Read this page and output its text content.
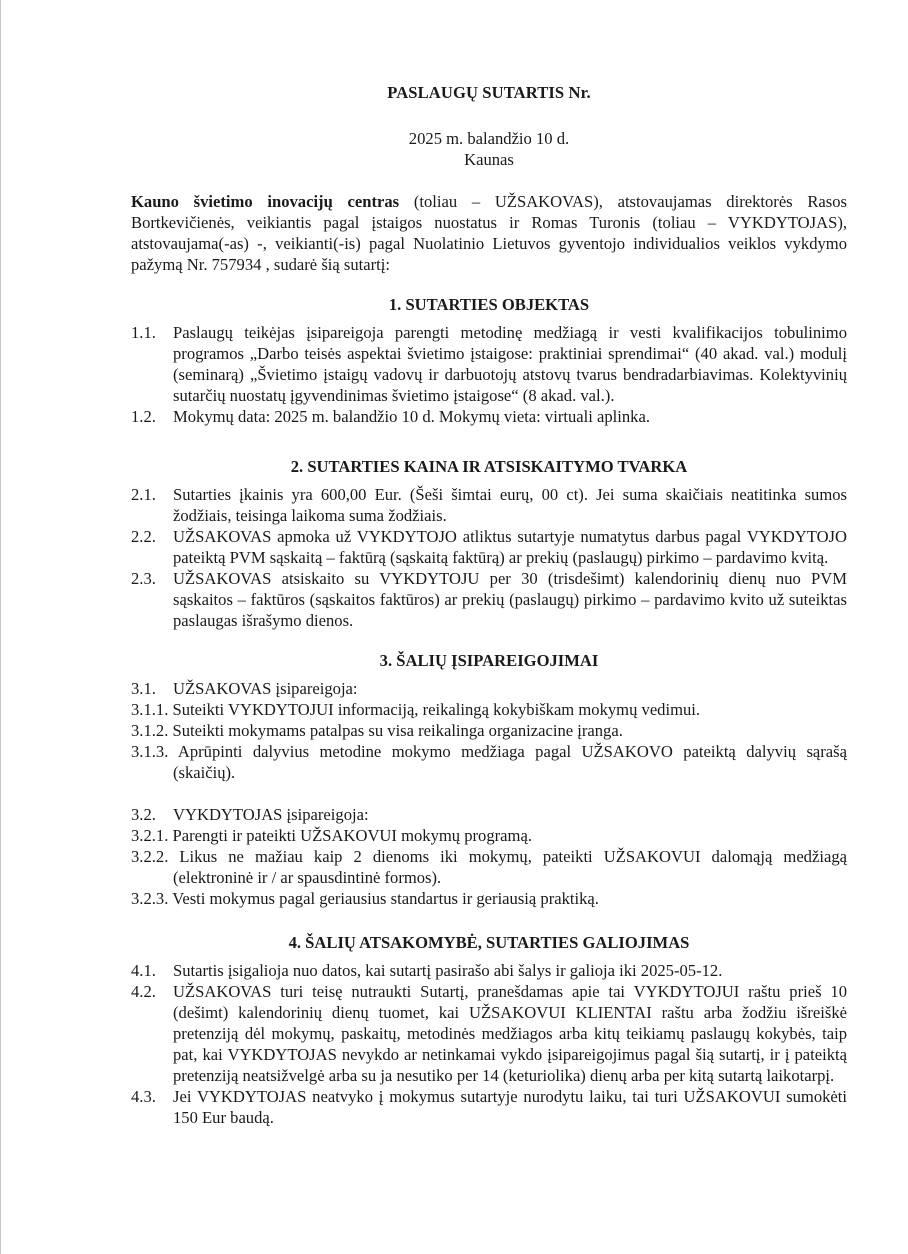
PASLAUGŲ SUTARTIS Nr.
2025 m. balandžio 10 d.
Kaunas

Kauno švietimo inovacijų centras (toliau – UŽSAKOVAS), atstovaujamas direktorės Rasos Bortkevičienės, veikiantis pagal įstaigos nuostatus ir Romas Turonis (toliau – VYKDYTOJAS), atstovaujama(-as) -, veikianti(-is) pagal Nuolatinio Lietuvos gyventojo individualios veiklos vykdymo pažymą Nr. 757934 , sudarė šią sutartį:

1. SUTARTIES OBJEKTAS

1.1. Paslaugų teikėjas įsipareigoja parengti metodinę medžiagą ir vesti kvalifikacijos tobulinimo programos „Darbo teisės aspektai švietimo įstaigose: praktiniai sprendimai“ (40 akad. val.) modulį (seminarą) „Švietimo įstaigų vadovų ir darbuotojų atstovų tvarus bendradarbiavimas. Kolektyvinių sutarčių nuostatų įgyvendinimas švietimo įstaigose“ (8 akad. val.).

1.2. Mokymų data: 2025 m. balandžio 10 d. Mokymų vieta: virtuali aplinka.

2. SUTARTIES KAINA IR ATSISKAITYMO TVARKA

2.1. Sutarties įkainis yra 600,00 Eur. (Šeši šimtai eurų, 00 ct). Jei suma skaičiais neatitinka sumos žodžiais, teisinga laikoma suma žodžiais.

2.2. UŽSAKOVAS apmoka už VYKDYTOJO atliktus sutartyje numatytus darbus pagal VYKDYTOJO pateiktą PVM sąskaitą – faktūrą (sąskaitą faktūrą) ar prekių (paslaugų) pirkimo – pardavimo kvitą.

2.3. UŽSAKOVAS atsiskaito su VYKDYTOJU per 30 (trisdešimt) kalendorinių dienų nuo PVM sąskaitos – faktūros (sąskaitos faktūros) ar prekių (paslaugų) pirkimo – pardavimo kvito už suteiktas paslaugas išrašymo dienos.

3. ŠALIŲ ĮSIPAREIGOJIMAI

3.1. UŽSAKOVAS įsipareigoja:

3.1.1. Suteikti VYKDYTOJUI informaciją, reikalingą kokybiškam mokymų vedimui.

3.1.2. Suteikti mokymams patalpas su visa reikalinga organizacine įranga.

3.1.3. Aprūpinti dalyvius metodine mokymo medžiaga pagal UŽSAKOVO pateiktą dalyvių sąrašą (skaičių).

3.2. VYKDYTOJAS įsipareigoja:

3.2.1. Parengti ir pateikti UŽSAKOVUI mokymų programą.

3.2.2. Likus ne mažiau kaip 2 dienoms iki mokymų, pateikti UŽSAKOVUI dalomąją medžiagą (elektroninė ir / ar spausdintinė formos).

3.2.3. Vesti mokymus pagal geriausius standartus ir geriausią praktiką.

4. ŠALIŲ ATSAKOMYBĖ, SUTARTIES GALIOJIMAS

4.1. Sutartis įsigalioja nuo datos, kai sutartį pasirašo abi šalys ir galioja iki 2025-05-12.

4.2. UŽSAKOVAS turi teisę nutraukti Sutartį, pranešdamas apie tai VYKDYTOJUI raštu prieš 10 (dešimt) kalendorinių dienų tuomet, kai UŽSAKOVUI KLIENTAI raštu arba žodžiu išreiškė pretenziją dėl mokymų, paskaitų, metodinės medžiagos arba kitų teikiamų paslaugų kokybės, taip pat, kai VYKDYTOJAS nevykdo ar netinkamai vykdo įsipareigojimus pagal šią sutartį, ir į pateiktą pretenziją neatsižvelgė arba su ja nesutiko per 14 (keturiolika) dienų arba per kitą sutartą laikotarpį.

4.3. Jei VYKDYTOJAS neatvyko į mokymus sutartyje nurodytu laiku, tai turi UŽSAKOVUI sumokėti 150 Eur baudą.
